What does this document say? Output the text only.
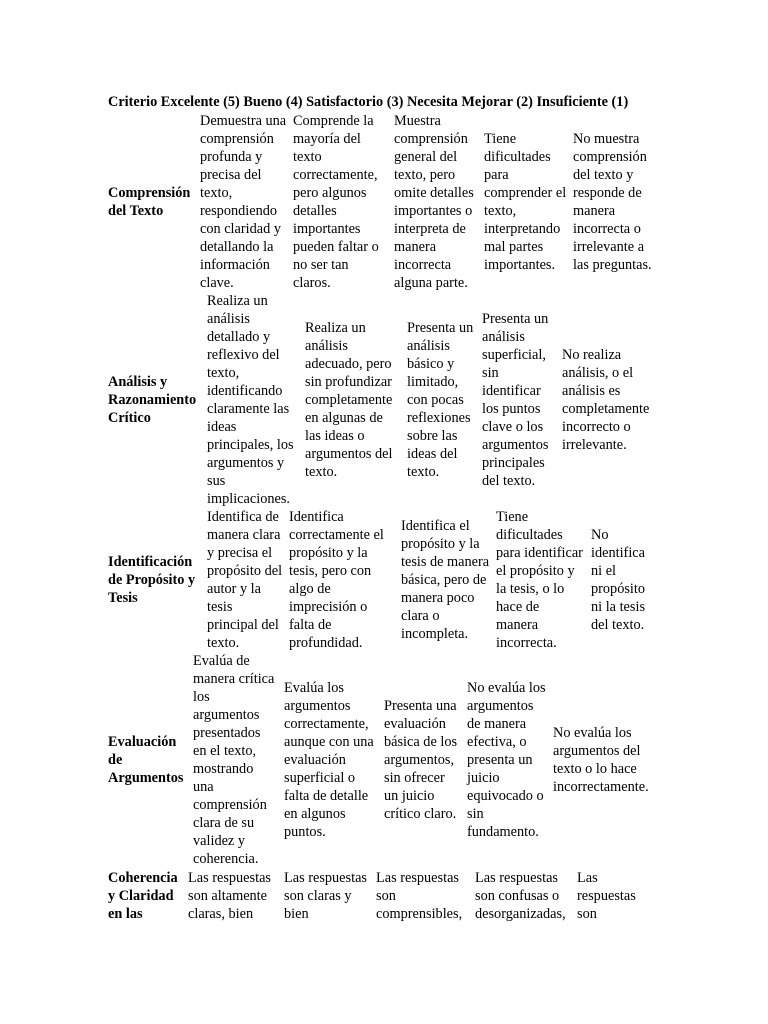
Criterio Excelente (5) Bueno (4) Satisfactorio (3) Necesita Mejorar (2) Insuficiente (1)
Comprensión
del Texto
Demuestra una
comprensión
profunda y
precisa del
texto,
respondiendo
con claridad y
detallando la
información
clave.
Comprende la
mayoría del
texto
correctamente,
pero algunos
detalles
importantes
pueden faltar o
no ser tan
claros.
Muestra
comprensión
general del
texto, pero
omite detalles
importantes o
interpreta de
manera
incorrecta
alguna parte.
Tiene
dificultades
para
comprender el
texto,
interpretando
mal partes
importantes.
No muestra
comprensión
del texto y
responde de
manera
incorrecta o
irrelevante a
las preguntas.
Análisis y
Razonamiento
Crítico
Realiza un
análisis
detallado y
reflexivo del
texto,
identificando
claramente las
ideas
principales, los
argumentos y
sus
implicaciones.
Realiza un
análisis
adecuado, pero
sin profundizar
completamente
en algunas de
las ideas o
argumentos del
texto.
Presenta un
análisis
básico y
limitado,
con pocas
reflexiones
sobre las
ideas del
texto.
Presenta un
análisis
superficial,
sin
identificar
los puntos
clave o los
argumentos
principales
del texto.
No realiza
análisis, o el
análisis es
completamente
incorrecto o
irrelevante.
Identificación
de Propósito y
Tesis
Identifica de
manera clara
y precisa el
propósito del
autor y la
tesis
principal del
texto.
Identifica
correctamente el
propósito y la
tesis, pero con
algo de
imprecisión o
falta de
profundidad.
Identifica el
propósito y la
tesis de manera
básica, pero de
manera poco
clara o
incompleta.
Tiene
dificultades
para identificar
el propósito y
la tesis, o lo
hace de
manera
incorrecta.
No
identifica
ni el
propósito
ni la tesis
del texto.
Evaluación
de
Argumentos
Evalúa de
manera crítica
los
argumentos
presentados
en el texto,
mostrando
una
comprensión
clara de su
validez y
coherencia.
Evalúa los
argumentos
correctamente,
aunque con una
evaluación
superficial o
falta de detalle
en algunos
puntos.
Presenta una
evaluación
básica de los
argumentos,
sin ofrecer
un juicio
crítico claro.
No evalúa los
argumentos
de manera
efectiva, o
presenta un
juicio
equivocado o
sin
fundamento.
No evalúa los
argumentos del
texto o lo hace
incorrectamente.
Coherencia
y Claridad
en las
Las respuestas
son altamente
claras, bien
Las respuestas
son claras y
bien
Las respuestas
son
comprensibles,
Las respuestas
son confusas o
desorganizadas,
Las
respuestas
son
